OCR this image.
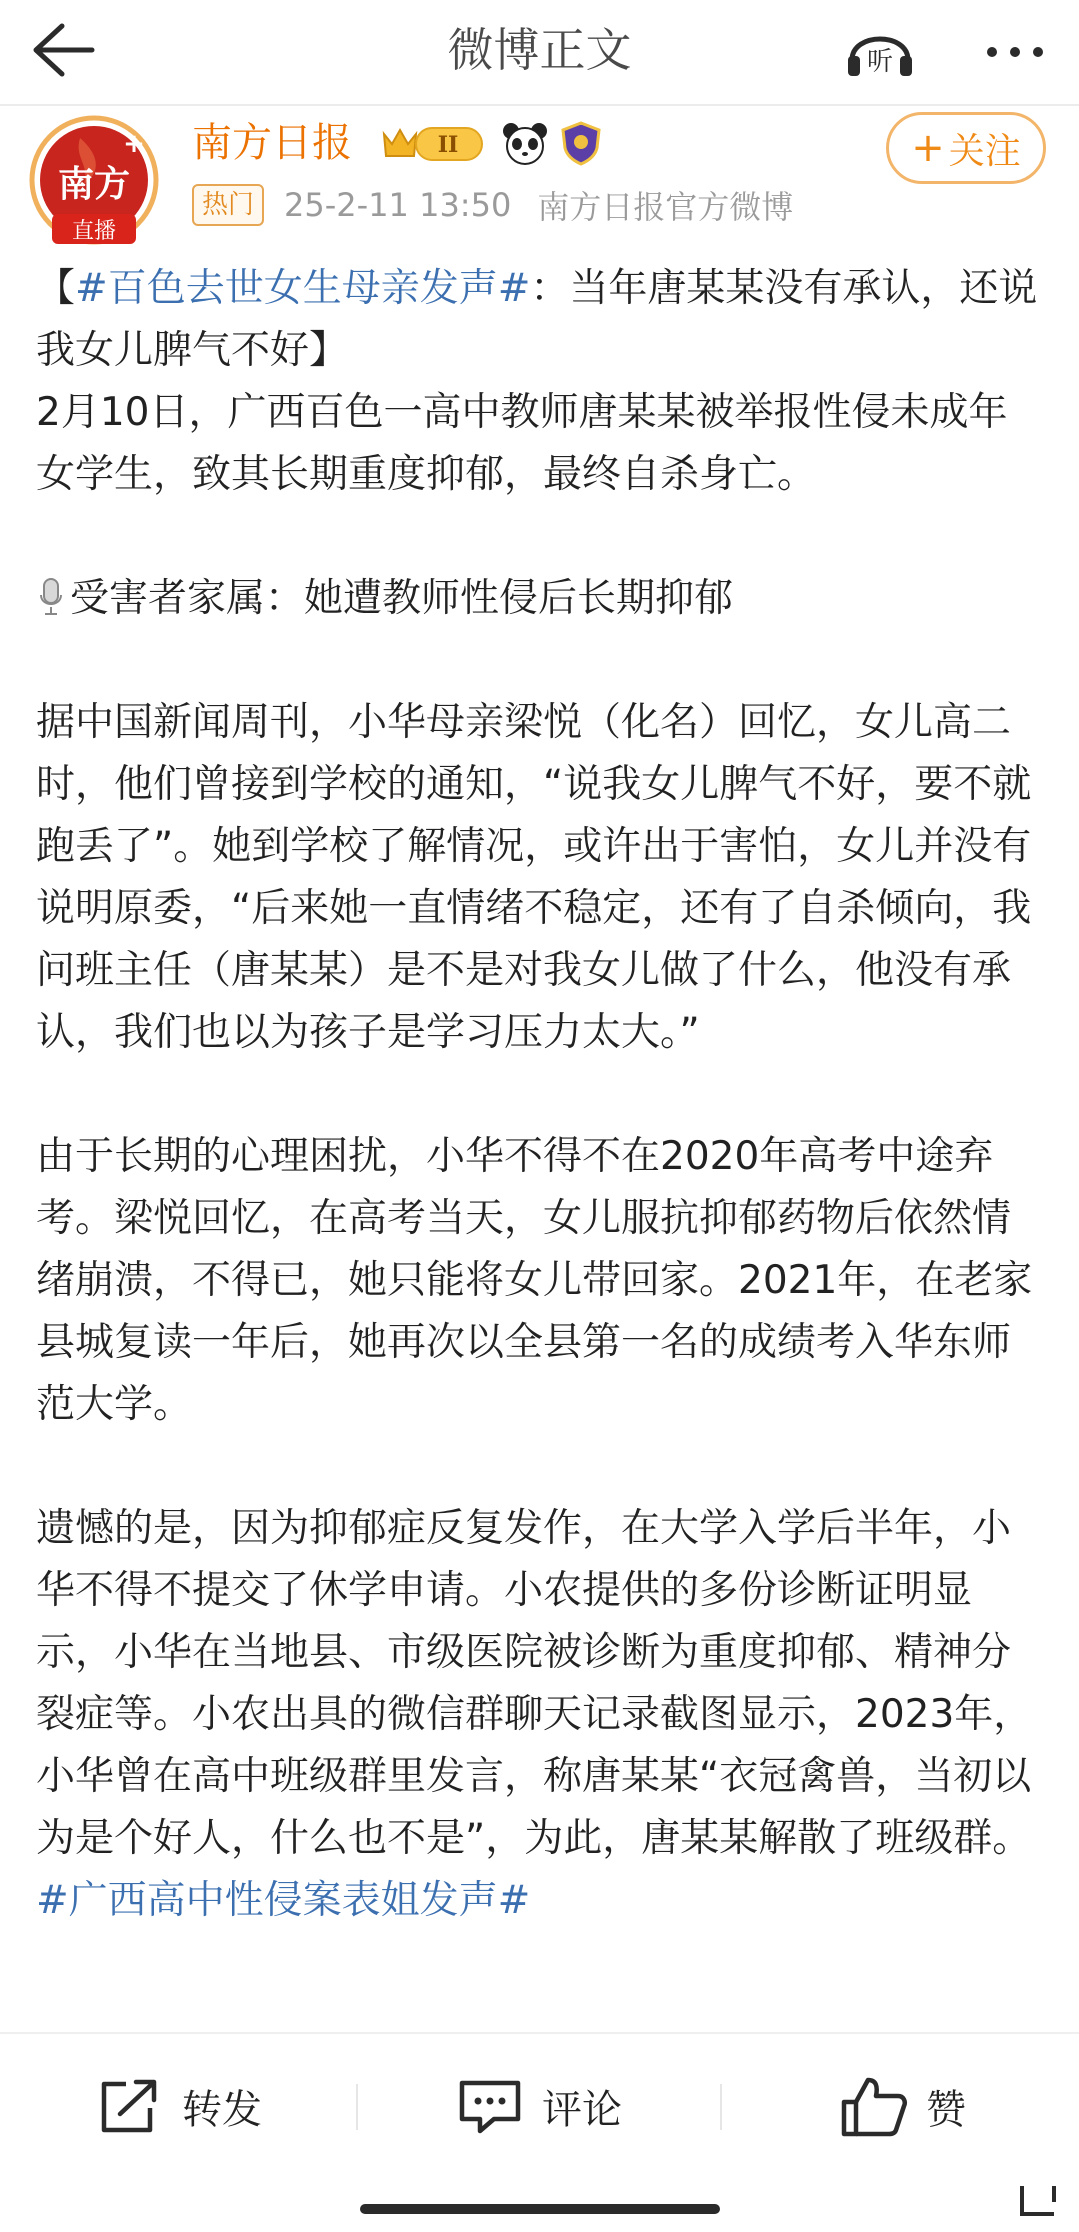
微博正文	听
南方
+
直播
南方日报	II	+ 关注
热门 25-2-11 13:50 南方日报官方微博

【#百色去世女生母亲发声#：当年唐某某没有承认，还说我女儿脾气不好】

2月10日，广西百色一高中教师唐某某被举报性侵未成年女学生，致其长期重度抑郁，最终自杀身亡。

受害者家属：她遭教师性侵后长期抑郁

据中国新闻周刊，小华母亲梁悦（化名）回忆，女儿高二时，他们曾接到学校的通知，“说我女儿脾气不好，要不就跑丢了”。她到学校了解情况，或许出于害怕，女儿并没有说明原委，“后来她一直情绪不稳定，还有了自杀倾向，我问班主任（唐某某）是不是对我女儿做了什么，他没有承认，我们也以为孩子是学习压力太大。”

由于长期的心理困扰，小华不得不在2020年高考中途弃考。梁悦回忆，在高考当天，女儿服抗抑郁药物后依然情绪崩溃，不得已，她只能将女儿带回家。2021年，在老家县城复读一年后，她再次以全县第一名的成绩考入华东师范大学。

遗憾的是，因为抑郁症反复发作，在大学入学后半年，小华不得不提交了休学申请。小农提供的多份诊断证明显示，小华在当地县、市级医院被诊断为重度抑郁、精神分裂症等。小农出具的微信群聊天记录截图显示，2023年，小华曾在高中班级群里发言，称唐某某“衣冠禽兽，当初以为是个好人，什么也不是”，为此，唐某某解散了班级群。#广西高中性侵案表姐发声#

转发	评论	赞
